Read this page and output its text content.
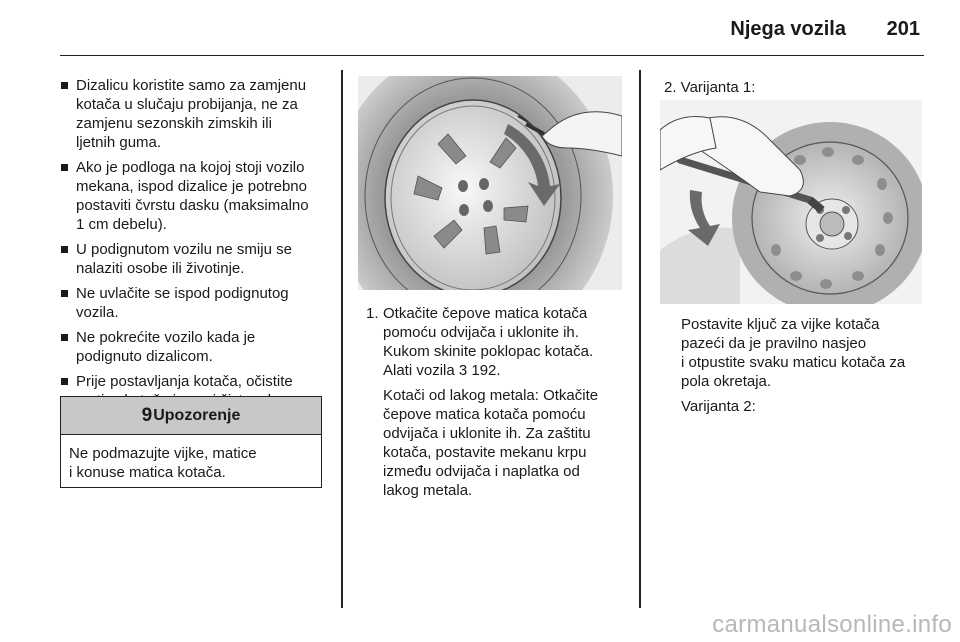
Njega vozila 201
Dizalicu koristite samo za zamjenu
kotača u slučaju probijanja, ne za
zamjenu sezonskih zimskih ili
ljetnih guma.
Ako je podloga na kojoj stoji vozilo
mekana, ispod dizalice je potrebno
postaviti čvrstu dasku (maksimalno
1 cm debelu).
U podignutom vozilu ne smiju se
nalaziti osobe ili životinje.
Ne uvlačite se ispod podignutog
vozila.
Ne pokrećite vozilo kada je
podignuto dizalicom.
Prije postavljanja kotača, očistite

9 Upozorenje
Ne podmazujte vijke, matice
i konuse matica kotača.
1. Otkačite čepove matica kotača
pomoću odvijača i uklonite ih.
Kukom skinite poklopac kotača.
Alati vozila 3 192.
Kotači od lakog metala: Otkačite
čepove matica kotača pomoću
odvijača i uklonite ih. Za zaštitu
kotača, postavite mekanu krpu
između odvijača i naplatka od
lakog metala.
2. Varijanta 1:
Postavite ključ za vijke kotača
pazeći da je pravilno nasjeo
i otpustite svaku maticu kotača za
pola okretaja.
Varijanta 2:
carmanualsonline.info
